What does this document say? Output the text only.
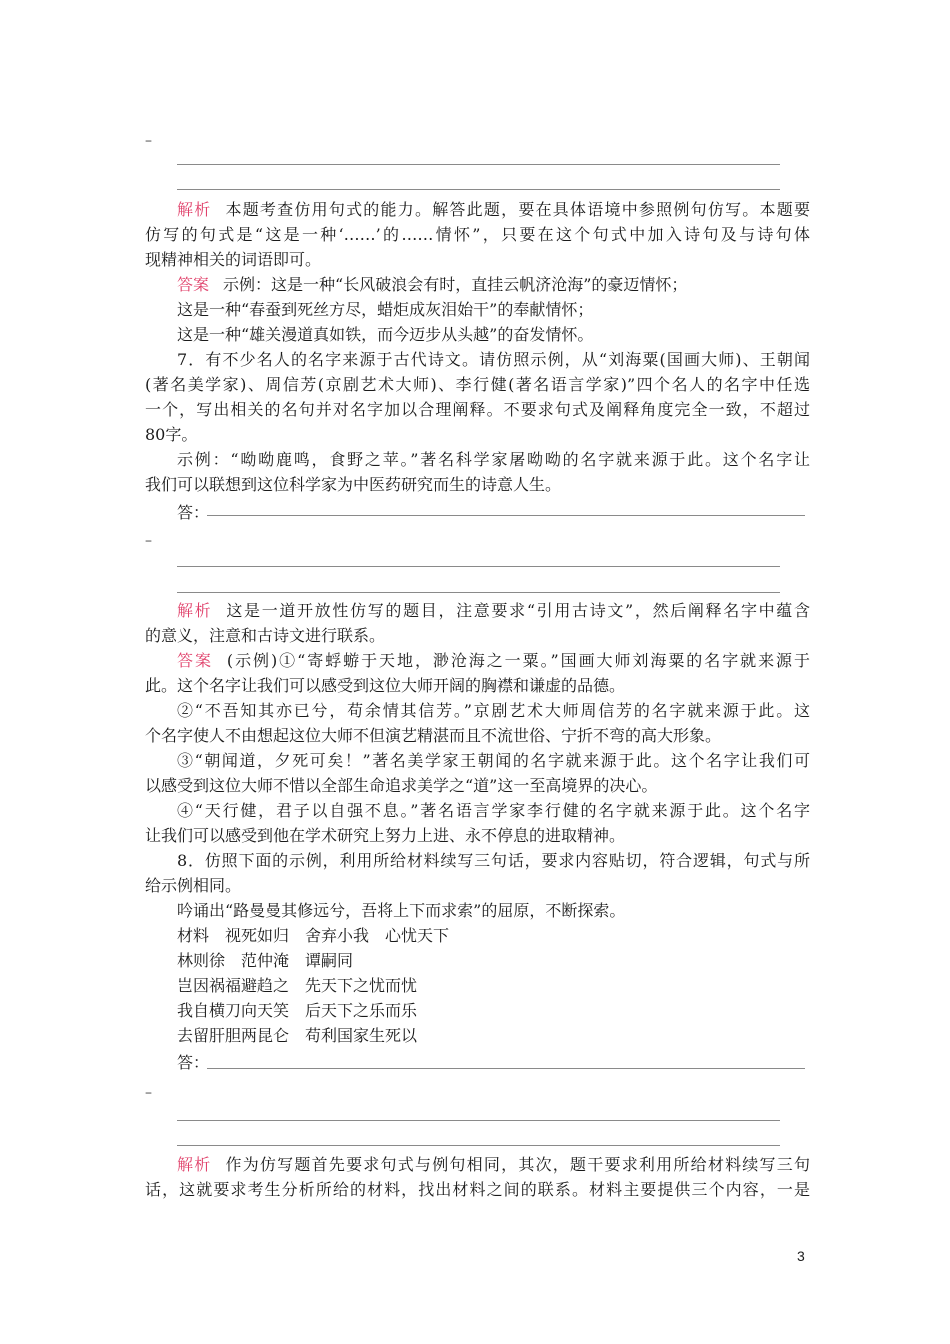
–
解析 本题考查仿用句式的能力。解答此题，要在具体语境中参照例句仿写。本题要
仿写的句式是“这是一种‘……’的……情怀”，只要在这个句式中加入诗句及与诗句体
现精神相关的词语即可。
答案 示例：这是一种“长风破浪会有时，直挂云帆济沧海”的豪迈情怀；
这是一种“春蚕到死丝方尽，蜡炬成灰泪始干”的奉献情怀；
这是一种“雄关漫道真如铁，而今迈步从头越”的奋发情怀。
7．有不少名人的名字来源于古代诗文。请仿照示例，从“刘海粟(国画大师)、王朝闻
(著名美学家)、周信芳(京剧艺术大师)、李行健(著名语言学家)”四个名人的名字中任选
一个，写出相关的名句并对名字加以合理阐释。不要求句式及阐释角度完全一致，不超过
80字。
示例：“呦呦鹿鸣，食野之苹。”著名科学家屠呦呦的名字就来源于此。这个名字让
我们可以联想到这位科学家为中医药研究而生的诗意人生。
答：
–
解析 这是一道开放性仿写的题目，注意要求“引用古诗文”，然后阐释名字中蕴含
的意义，注意和古诗文进行联系。
答案 (示例)①“寄蜉蝣于天地，渺沧海之一粟。”国画大师刘海粟的名字就来源于
此。这个名字让我们可以感受到这位大师开阔的胸襟和谦虚的品德。
②“不吾知其亦已兮，苟余情其信芳。”京剧艺术大师周信芳的名字就来源于此。这
个名字使人不由想起这位大师不但演艺精湛而且不流世俗、宁折不弯的高大形象。
③“朝闻道，夕死可矣！”著名美学家王朝闻的名字就来源于此。这个名字让我们可
以感受到这位大师不惜以全部生命追求美学之“道”这一至高境界的决心。
④“天行健，君子以自强不息。”著名语言学家李行健的名字就来源于此。这个名字
让我们可以感受到他在学术研究上努力上进、永不停息的进取精神。
8．仿照下面的示例，利用所给材料续写三句话，要求内容贴切，符合逻辑，句式与所
给示例相同。
吟诵出“路曼曼其修远兮，吾将上下而求索”的屈原，不断探索。
材料　视死如归　舍弃小我　心忧天下
林则徐　范仲淹　谭嗣同
岂因祸福避趋之　先天下之忧而忧
我自横刀向天笑　后天下之乐而乐
去留肝胆两昆仑　苟利国家生死以
答：
–
解析 作为仿写题首先要求句式与例句相同，其次，题干要求利用所给材料续写三句
话，这就要求考生分析所给的材料，找出材料之间的联系。材料主要提供三个内容，一是
3
